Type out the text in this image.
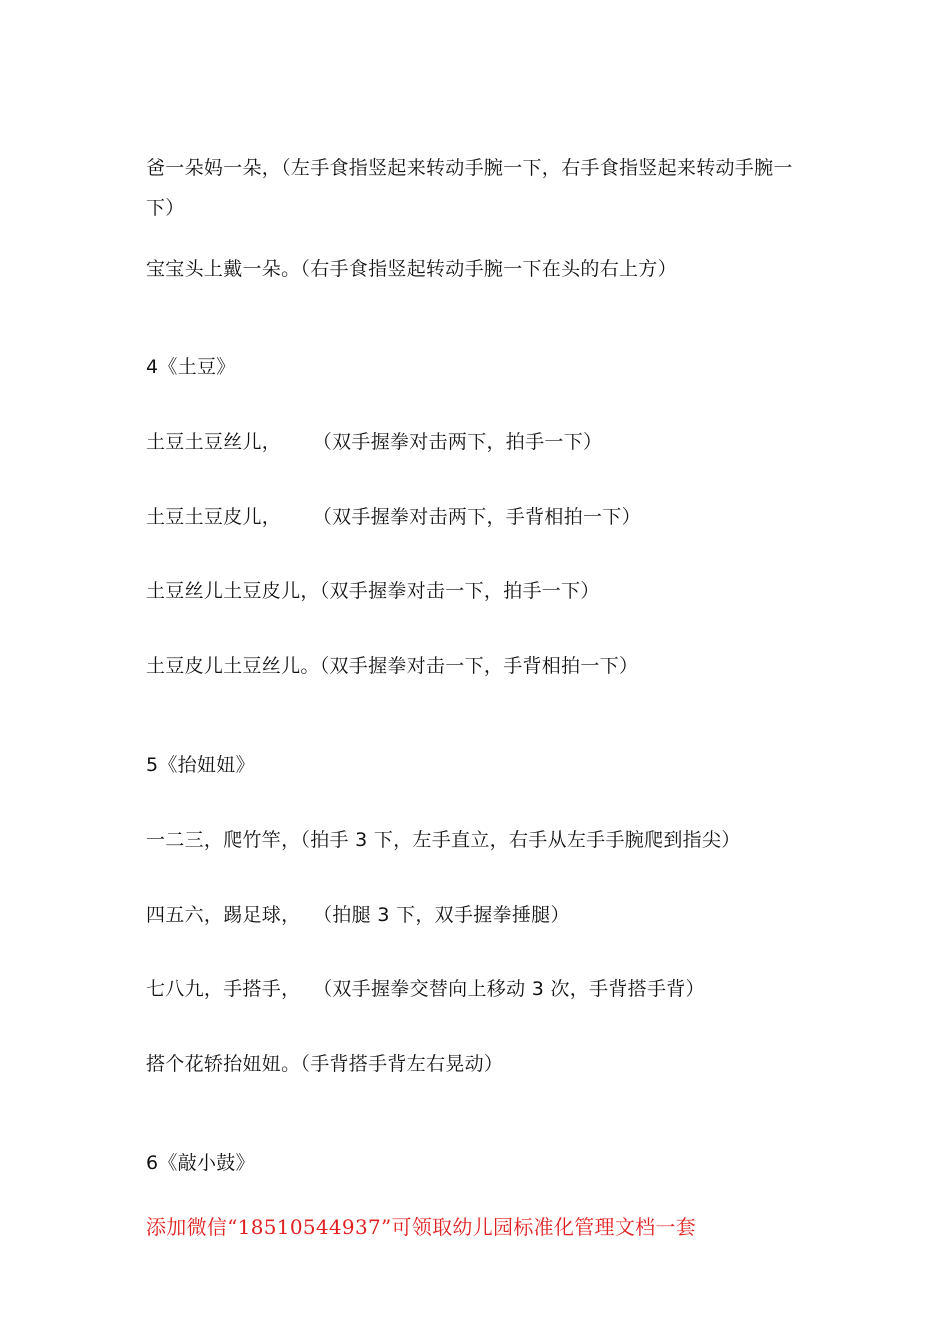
爸一朵妈一朵，（左手食指竖起来转动手腕一下，右手食指竖起来转动手腕一下）
宝宝头上戴一朵。（右手食指竖起转动手腕一下在头的右上方）
4《土豆》
土豆土豆丝儿，     （双手握拳对击两下，拍手一下）
土豆土豆皮儿，     （双手握拳对击两下，手背相拍一下）
土豆丝儿土豆皮儿，（双手握拳对击一下，拍手一下）
土豆皮儿土豆丝儿。（双手握拳对击一下，手背相拍一下）
5《抬妞妞》
一二三，爬竹竿，（拍手 3 下，左手直立，右手从左手手腕爬到指尖）
四五六，踢足球，  （拍腿 3 下，双手握拳捶腿）
七八九，手搭手，  （双手握拳交替向上移动 3 次，手背搭手背）
搭个花轿抬妞妞。（手背搭手背左右晃动）
6《敲小鼓》
添加微信“18510544937”可领取幼儿园标准化管理文档一套
